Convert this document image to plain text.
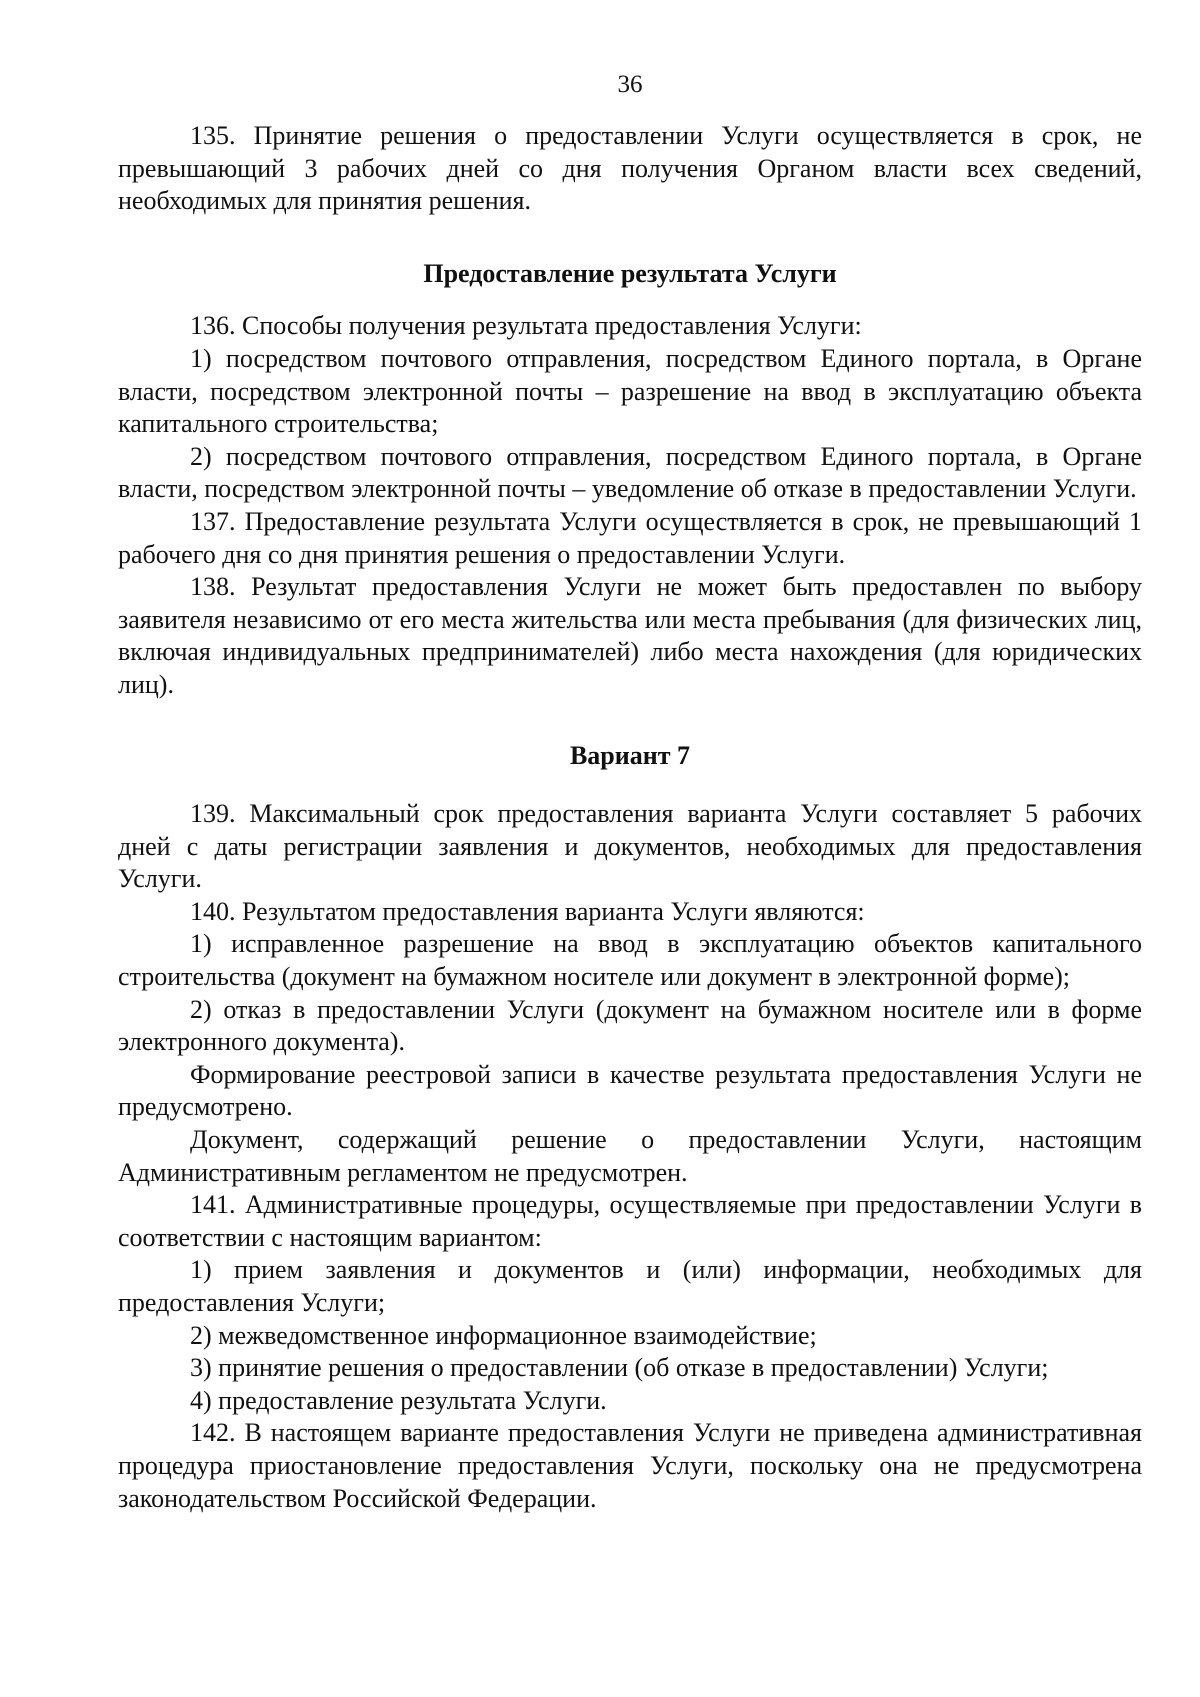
36

135. Принятие решения о предоставлении Услуги осуществляется в срок, не превышающий 3 рабочих дней со дня получения Органом власти всех сведений, необходимых для принятия решения.

Предоставление результата Услуги

136. Способы получения результата предоставления Услуги:

1) посредством почтового отправления, посредством Единого портала, в Органе власти, посредством электронной почты – разрешение на ввод в эксплуатацию объекта капитального строительства;

2) посредством почтового отправления, посредством Единого портала, в Органе власти, посредством электронной почты – уведомление об отказе в предоставлении Услуги.

137. Предоставление результата Услуги осуществляется в срок, не превышающий 1 рабочего дня со дня принятия решения о предоставлении Услуги.

138. Результат предоставления Услуги не может быть предоставлен по выбору заявителя независимо от его места жительства или места пребывания (для физических лиц, включая индивидуальных предпринимателей) либо места нахождения (для юридических лиц).

Вариант 7

139. Максимальный срок предоставления варианта Услуги составляет 5 рабочих дней с даты регистрации заявления и документов, необходимых для предоставления Услуги.

140. Результатом предоставления варианта Услуги являются:

1) исправленное разрешение на ввод в эксплуатацию объектов капитального строительства (документ на бумажном носителе или документ в электронной форме);

2) отказ в предоставлении Услуги (документ на бумажном носителе или в форме электронного документа).

Формирование реестровой записи в качестве результата предоставления Услуги не предусмотрено.

Документ, содержащий решение о предоставлении Услуги, настоящим Административным регламентом не предусмотрен.

141. Административные процедуры, осуществляемые при предоставлении Услуги в соответствии с настоящим вариантом:

1) прием заявления и документов и (или) информации, необходимых для предоставления Услуги;

2) межведомственное информационное взаимодействие;

3) принятие решения о предоставлении (об отказе в предоставлении) Услуги;

4) предоставление результата Услуги.

142. В настоящем варианте предоставления Услуги не приведена административная процедура приостановление предоставления Услуги, поскольку она не предусмотрена законодательством Российской Федерации.
